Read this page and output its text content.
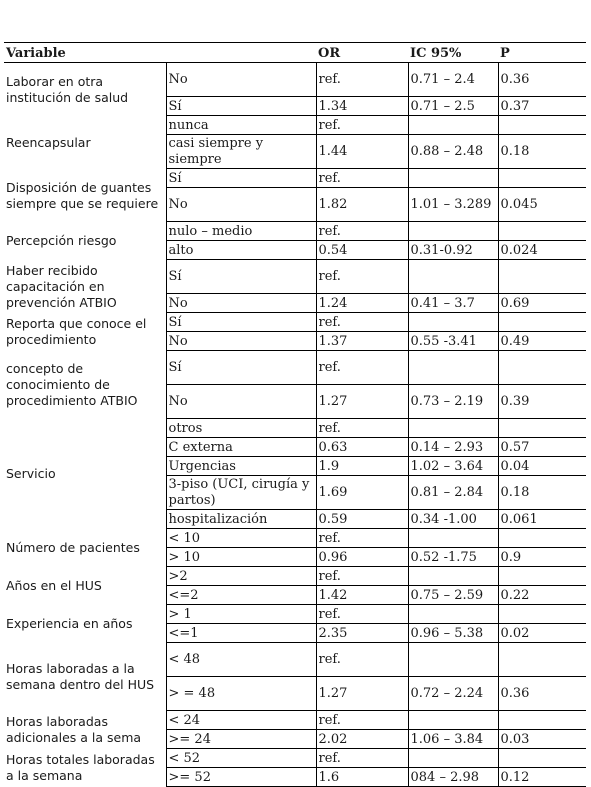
Variable		OR	IC 95%	P
Laborar en otra institución de salud	No	ref.	0.71 – 2.4	0.36
	Sí	1.34	0.71 – 2.5	0.37
Reencapsular	nunca	ref.		
	casi siempre y siempre	1.44	0.88 – 2.48	0.18
Disposición de guantes siempre que se requiere	Sí	ref.		
	No	1.82	1.01 – 3.289	0.045
Percepción riesgo	nulo – medio	ref.		
	alto	0.54	0.31-0.92	0.024
Haber recibido capacitación en prevención ATBIO	Sí	ref.		
	No	1.24	0.41 – 3.7	0.69
Reporta que conoce el procedimiento	Sí	ref.		
	No	1.37	0.55 -3.41	0.49
concepto de conocimiento de procedimiento ATBIO	Sí	ref.		
	No	1.27	0.73 – 2.19	0.39
Servicio	otros	ref.		
	C externa	0.63	0.14 – 2.93	0.57
	Urgencias	1.9	1.02 – 3.64	0.04
	3-piso (UCI, cirugía y partos)	1.69	0.81 – 2.84	0.18
	hospitalización	0.59	0.34 -1.00	0.061
Número de pacientes	< 10	ref.		
	> 10	0.96	0.52 -1.75	0.9
Años en el HUS	>2	ref.		
	<=2	1.42	0.75 – 2.59	0.22
Experiencia en años	> 1	ref.		
	<=1	2.35	0.96 – 5.38	0.02
Horas laboradas a la semana dentro del HUS	< 48	ref.		
	> = 48	1.27	0.72 – 2.24	0.36
Horas laboradas adicionales a la sema	< 24	ref.		
	>= 24	2.02	1.06 – 3.84	0.03
Horas totales laboradas a la semana	< 52	ref.		
	>= 52	1.6	084 – 2.98	0.12
